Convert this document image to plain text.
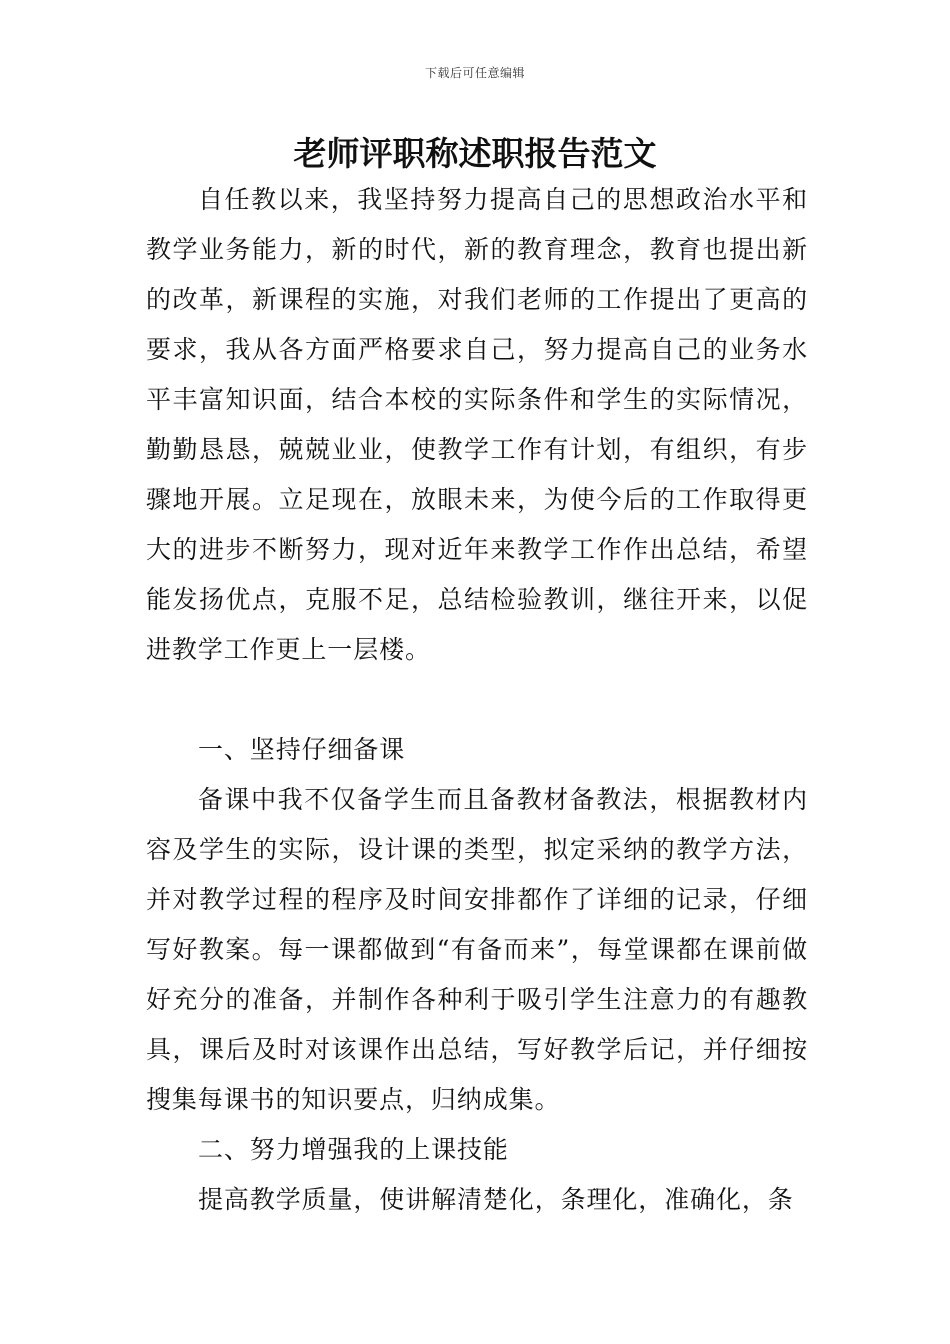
下载后可任意编辑
老师评职称述职报告范文

自任教以来，我坚持努力提高自己的思想政治水平和教学业务能力，新的时代，新的教育理念，教育也提出新的改革，新课程的实施，对我们老师的工作提出了更高的要求，我从各方面严格要求自己，努力提高自己的业务水平丰富知识面，结合本校的实际条件和学生的实际情况，勤勤恳恳，兢兢业业，使教学工作有计划，有组织，有步骤地开展。立足现在，放眼未来，为使今后的工作取得更大的进步不断努力，现对近年来教学工作作出总结，希望能发扬优点，克服不足，总结检验教训，继往开来，以促进教学工作更上一层楼。

一、坚持仔细备课

备课中我不仅备学生而且备教材备教法，根据教材内容及学生的实际，设计课的类型，拟定采纳的教学方法，并对教学过程的程序及时间安排都作了详细的记录，仔细写好教案。每一课都做到“有备而来”，每堂课都在课前做好充分的准备，并制作各种利于吸引学生注意力的有趣教具，课后及时对该课作出总结，写好教学后记，并仔细按搜集每课书的知识要点，归纳成集。

二、努力增强我的上课技能

提高教学质量，使讲解清楚化，条理化，准确化，条
